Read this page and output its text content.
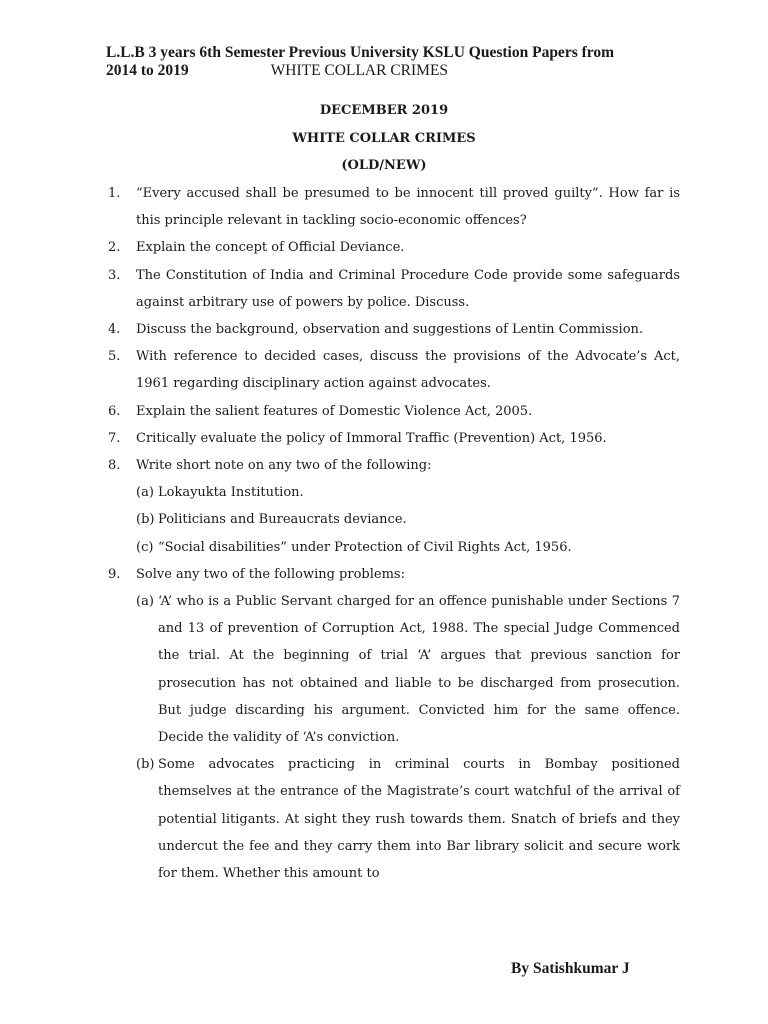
L.L.B 3 years 6th Semester Previous University KSLU Question Papers from
2014 to 2019	WHITE COLLAR CRIMES
DECEMBER 2019
WHITE COLLAR CRIMES
(OLD/NEW)
1.	“Every accused shall be presumed to be innocent till proved guilty”. How far is this principle relevant in tackling socio-economic offences?
2.	Explain the concept of Official Deviance.
3.	The Constitution of India and Criminal Procedure Code provide some safeguards against arbitrary use of powers by police. Discuss.
4.	Discuss the background, observation and suggestions of Lentin Commission.
5.	With reference to decided cases, discuss the provisions of the Advocate’s Act, 1961 regarding disciplinary action against advocates.
6.	Explain the salient features of Domestic Violence Act, 2005.
7.	Critically evaluate the policy of Immoral Traffic (Prevention) Act, 1956.
8.	Write short note on any two of the following:
(a) Lokayukta Institution.
(b) Politicians and Bureaucrats deviance.
(c) “Social disabilities” under Protection of Civil Rights Act, 1956.
9.	Solve any two of the following problems:
(a) ‘A’ who is a Public Servant charged for an offence punishable under Sections 7 and 13 of prevention of Corruption Act, 1988. The special Judge Commenced the trial. At the beginning of trial ‘A’ argues that previous sanction for prosecution has not obtained and liable to be discharged from prosecution. But judge discarding his argument. Convicted him for the same offence. Decide the validity of ‘A’s conviction.
(b) Some advocates practicing in criminal courts in Bombay positioned themselves at the entrance of the Magistrate’s court watchful of the arrival of potential litigants. At sight they rush towards them. Snatch of briefs and they undercut the fee and they carry them into Bar library solicit and secure work for them. Whether this amount to
By Satishkumar J
